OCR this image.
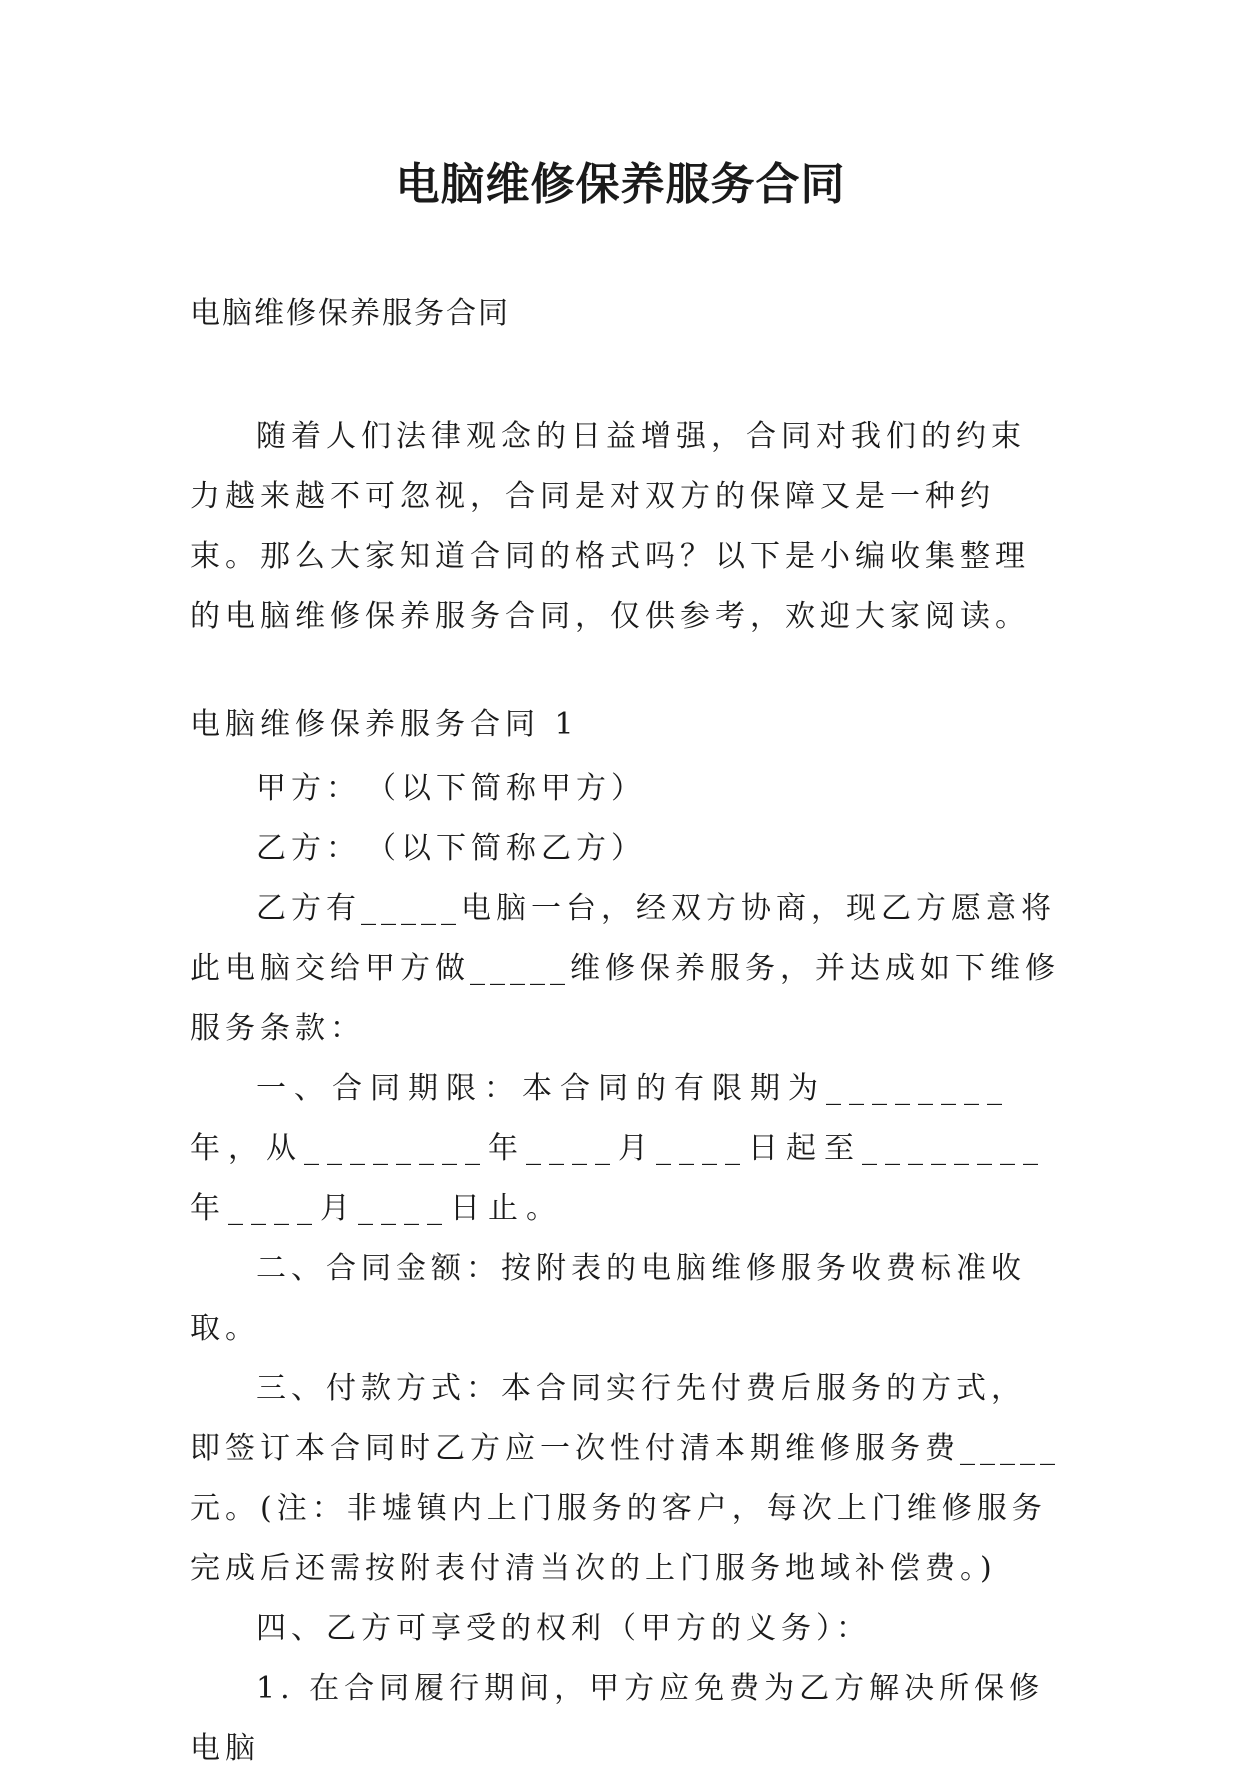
电脑维修保养服务合同

电脑维修保养服务合同

随着人们法律观念的日益增强，合同对我们的约束力越来越不可忽视，合同是对双方的保障又是一种约束。那么大家知道合同的格式吗？以下是小编收集整理的电脑维修保养服务合同，仅供参考，欢迎大家阅读。

电脑维修保养服务合同 1

甲方：　（以下简称甲方）

乙方：　（以下简称乙方）

乙方有_____电脑一台，经双方协商，现乙方愿意将此电脑交给甲方做_____维修保养服务，并达成如下维修服务条款：

一、合同期限：本合同的有限期为________年，从________年____月____日起至________年____月____日止。

二、合同金额：按附表的电脑维修服务收费标准收取。

三、付款方式：本合同实行先付费后服务的方式，即签订本合同时乙方应一次性付清本期维修服务费_____元。(注：非墟镇内上门服务的客户，每次上门维修服务完成后还需按附表付清当次的上门服务地域补偿费。)

四、乙方可享受的权利（甲方的义务）：

1. 在合同履行期间，甲方应免费为乙方解决所保修电脑
